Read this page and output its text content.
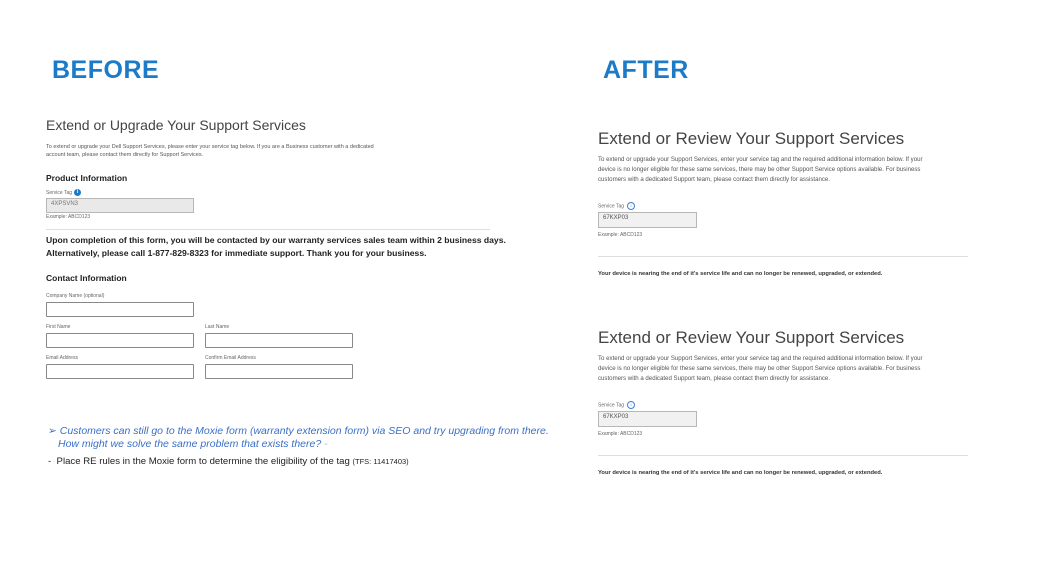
BEFORE	AFTER
Extend or Upgrade Your Support Services
To extend or upgrade your Dell Support Services, please enter your service tag below. If you are a Business customer with a dedicated
account team, please contact them directly for Support Services.
Product Information
Service Tag i
4XPSVN3
Example: ABCD123
Upon completion of this form, you will be contacted by our warranty services sales team within 2 business days.
Alternatively, please call 1-877-829-8323 for immediate support. Thank you for your business.
Contact Information
Company Name (optional)
First Name	Last Name
Email Address	Confirm Email Address
➢ Customers can still go to the Moxie form (warranty extension form) via SEO and try upgrading from there.
How might we solve the same problem that exists there? -
- Place RE rules in the Moxie form to determine the eligibility of the tag (TFS: 11417403)
Extend or Review Your Support Services
To extend or upgrade your Support Services, enter your service tag and the required additional information below. If your
device is no longer eligible for these same services, there may be other Support Service options available. For business
customers with a dedicated Support team, please contact them directly for assistance.
Service Tag i
67KXP03
Example: ABCD123
Your device is nearing the end of it's service life and can no longer be renewed, upgraded, or extended.
Extend or Review Your Support Services
To extend or upgrade your Support Services, enter your service tag and the required additional information below. If your
device is no longer eligible for these same services, there may be other Support Service options available. For business
customers with a dedicated Support team, please contact them directly for assistance.
Service Tag i
67KXP03
Example: ABCD123
Your device is nearing the end of it's service life and can no longer be renewed, upgraded, or extended.
